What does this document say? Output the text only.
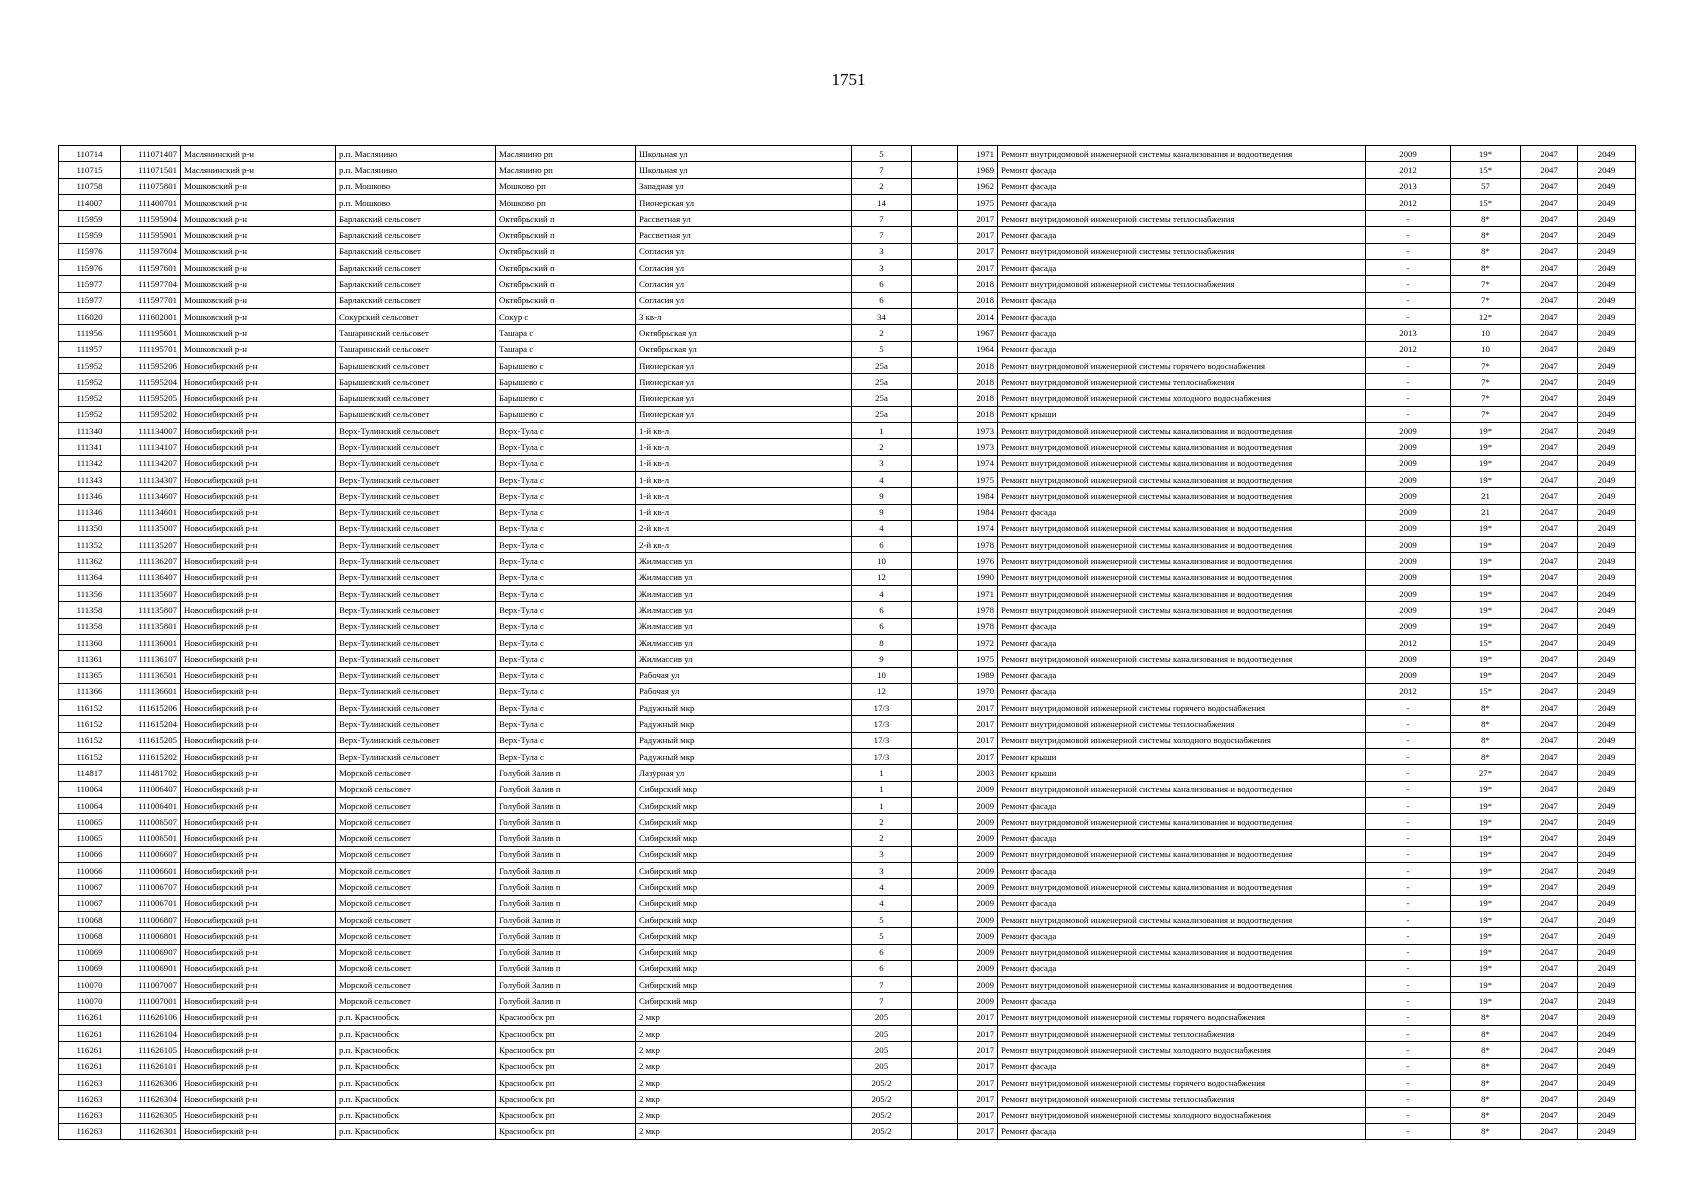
1751
110714	111071407	Маслянинский р-н	р.п. Маслянино	Маслянино рп	Школьная ул	5		1971	Ремонт внутридомовой инженерной системы канализования и водоотведения	2009	19*	2047	2049
110715	111071501	Маслянинский р-н	р.п. Маслянино	Маслянино рп	Школьная ул	7		1969	Ремонт фасада	2012	15*	2047	2049
110758	111075801	Мошковский р-н	р.п. Мошково	Мошково рп	Западная ул	2		1962	Ремонт фасада	2013	57	2047	2049
114007	111400701	Мошковский р-н	р.п. Мошково	Мошково рп	Пионерская ул	14		1975	Ремонт фасада	2012	15*	2047	2049
115959	111595904	Мошковский р-н	Барлакский сельсовет	Октябрьский п	Рассветная ул	7		2017	Ремонт внутридомовой инженерной системы теплоснабжения	-	8*	2047	2049
115959	111595901	Мошковский р-н	Барлакский сельсовет	Октябрьский п	Рассветная ул	7		2017	Ремонт фасада	-	8*	2047	2049
115976	111597604	Мошковский р-н	Барлакский сельсовет	Октябрьский п	Согласия ул	3		2017	Ремонт внутридомовой инженерной системы теплоснабжения	-	8*	2047	2049
115976	111597601	Мошковский р-н	Барлакский сельсовет	Октябрьский п	Согласия ул	3		2017	Ремонт фасада	-	8*	2047	2049
115977	111597704	Мошковский р-н	Барлакский сельсовет	Октябрьский п	Согласия ул	6		2018	Ремонт внутридомовой инженерной системы теплоснабжения	-	7*	2047	2049
115977	111597701	Мошковский р-н	Барлакский сельсовет	Октябрьский п	Согласия ул	6		2018	Ремонт фасада	-	7*	2047	2049
116020	111602001	Мошковский р-н	Сокурский сельсовет	Сокур с	3 кв-л	34		2014	Ремонт фасада	-	12*	2047	2049
111956	111195601	Мошковский р-н	Ташаринский сельсовет	Ташара с	Октябрьская ул	2		1967	Ремонт фасада	2013	10	2047	2049
111957	111195701	Мошковский р-н	Ташаринский сельсовет	Ташара с	Октябрьская ул	5		1964	Ремонт фасада	2012	10	2047	2049
115952	111595206	Новосибирский р-н	Барышевский сельсовет	Барышево с	Пионерская ул	25а		2018	Ремонт внутридомовой инженерной системы горячего водоснабжения	-	7*	2047	2049
115952	111595204	Новосибирский р-н	Барышевский сельсовет	Барышево с	Пионерская ул	25а		2018	Ремонт внутридомовой инженерной системы теплоснабжения	-	7*	2047	2049
115952	111595205	Новосибирский р-н	Барышевский сельсовет	Барышево с	Пионерская ул	25а		2018	Ремонт внутридомовой инженерной системы холодного водоснабжения	-	7*	2047	2049
115952	111595202	Новосибирский р-н	Барышевский сельсовет	Барышево с	Пионерская ул	25а		2018	Ремонт крыши	-	7*	2047	2049
111340	111134007	Новосибирский р-н	Верх-Тулинский сельсовет	Верх-Тула с	1-й кв-л	1		1973	Ремонт внутридомовой инженерной системы канализования и водоотведения	2009	19*	2047	2049
111341	111134107	Новосибирский р-н	Верх-Тулинский сельсовет	Верх-Тула с	1-й кв-л	2		1973	Ремонт внутридомовой инженерной системы канализования и водоотведения	2009	19*	2047	2049
111342	111134207	Новосибирский р-н	Верх-Тулинский сельсовет	Верх-Тула с	1-й кв-л	3		1974	Ремонт внутридомовой инженерной системы канализования и водоотведения	2009	19*	2047	2049
111343	111134307	Новосибирский р-н	Верх-Тулинский сельсовет	Верх-Тула с	1-й кв-л	4		1975	Ремонт внутридомовой инженерной системы канализования и водоотведения	2009	19*	2047	2049
111346	111134607	Новосибирский р-н	Верх-Тулинский сельсовет	Верх-Тула с	1-й кв-л	9		1984	Ремонт внутридомовой инженерной системы канализования и водоотведения	2009	21	2047	2049
111346	111134601	Новосибирский р-н	Верх-Тулинский сельсовет	Верх-Тула с	1-й кв-л	9		1984	Ремонт фасада	2009	21	2047	2049
111350	111135007	Новосибирский р-н	Верх-Тулинский сельсовет	Верх-Тула с	2-й кв-л	4		1974	Ремонт внутридомовой инженерной системы канализования и водоотведения	2009	19*	2047	2049
111352	111135207	Новосибирский р-н	Верх-Тулинский сельсовет	Верх-Тула с	2-й кв-л	6		1978	Ремонт внутридомовой инженерной системы канализования и водоотведения	2009	19*	2047	2049
111362	111136207	Новосибирский р-н	Верх-Тулинский сельсовет	Верх-Тула с	Жилмассив ул	10		1976	Ремонт внутридомовой инженерной системы канализования и водоотведения	2009	19*	2047	2049
111364	111136407	Новосибирский р-н	Верх-Тулинский сельсовет	Верх-Тула с	Жилмассив ул	12		1990	Ремонт внутридомовой инженерной системы канализования и водоотведения	2009	19*	2047	2049
111356	111135607	Новосибирский р-н	Верх-Тулинский сельсовет	Верх-Тула с	Жилмассив ул	4		1971	Ремонт внутридомовой инженерной системы канализования и водоотведения	2009	19*	2047	2049
111358	111135807	Новосибирский р-н	Верх-Тулинский сельсовет	Верх-Тула с	Жилмассив ул	6		1978	Ремонт внутридомовой инженерной системы канализования и водоотведения	2009	19*	2047	2049
111358	111135801	Новосибирский р-н	Верх-Тулинский сельсовет	Верх-Тула с	Жилмассив ул	6		1978	Ремонт фасада	2009	19*	2047	2049
111360	111136001	Новосибирский р-н	Верх-Тулинский сельсовет	Верх-Тула с	Жилмассив ул	8		1972	Ремонт фасада	2012	15*	2047	2049
111361	111136107	Новосибирский р-н	Верх-Тулинский сельсовет	Верх-Тула с	Жилмассив ул	9		1975	Ремонт внутридомовой инженерной системы канализования и водоотведения	2009	19*	2047	2049
111365	111136501	Новосибирский р-н	Верх-Тулинский сельсовет	Верх-Тула с	Рабочая ул	10		1989	Ремонт фасада	2009	19*	2047	2049
111366	111136601	Новосибирский р-н	Верх-Тулинский сельсовет	Верх-Тула с	Рабочая ул	12		1970	Ремонт фасада	2012	15*	2047	2049
116152	111615206	Новосибирский р-н	Верх-Тулинский сельсовет	Верх-Тула с	Радужный мкр	17/3		2017	Ремонт внутридомовой инженерной системы горячего водоснабжения	-	8*	2047	2049
116152	111615204	Новосибирский р-н	Верх-Тулинский сельсовет	Верх-Тула с	Радужный мкр	17/3		2017	Ремонт внутридомовой инженерной системы теплоснабжения	-	8*	2047	2049
116152	111615205	Новосибирский р-н	Верх-Тулинский сельсовет	Верх-Тула с	Радужный мкр	17/3		2017	Ремонт внутридомовой инженерной системы холодного водоснабжения	-	8*	2047	2049
116152	111615202	Новосибирский р-н	Верх-Тулинский сельсовет	Верх-Тула с	Радужный мкр	17/3		2017	Ремонт крыши	-	8*	2047	2049
114817	111481702	Новосибирский р-н	Морской сельсовет	Голубой Залив п	Лазурная ул	1		2003	Ремонт крыши	-	27*	2047	2049
110064	111006407	Новосибирский р-н	Морской сельсовет	Голубой Залив п	Сибирский мкр	1		2009	Ремонт внутридомовой инженерной системы канализования и водоотведения	-	19*	2047	2049
110064	111006401	Новосибирский р-н	Морской сельсовет	Голубой Залив п	Сибирский мкр	1		2009	Ремонт фасада	-	19*	2047	2049
110065	111006507	Новосибирский р-н	Морской сельсовет	Голубой Залив п	Сибирский мкр	2		2009	Ремонт внутридомовой инженерной системы канализования и водоотведения	-	19*	2047	2049
110065	111006501	Новосибирский р-н	Морской сельсовет	Голубой Залив п	Сибирский мкр	2		2009	Ремонт фасада	-	19*	2047	2049
110066	111006607	Новосибирский р-н	Морской сельсовет	Голубой Залив п	Сибирский мкр	3		2009	Ремонт внутридомовой инженерной системы канализования и водоотведения	-	19*	2047	2049
110066	111006601	Новосибирский р-н	Морской сельсовет	Голубой Залив п	Сибирский мкр	3		2009	Ремонт фасада	-	19*	2047	2049
110067	111006707	Новосибирский р-н	Морской сельсовет	Голубой Залив п	Сибирский мкр	4		2009	Ремонт внутридомовой инженерной системы канализования и водоотведения	-	19*	2047	2049
110067	111006701	Новосибирский р-н	Морской сельсовет	Голубой Залив п	Сибирский мкр	4		2009	Ремонт фасада	-	19*	2047	2049
110068	111006807	Новосибирский р-н	Морской сельсовет	Голубой Залив п	Сибирский мкр	5		2009	Ремонт внутридомовой инженерной системы канализования и водоотведения	-	19*	2047	2049
110068	111006801	Новосибирский р-н	Морской сельсовет	Голубой Залив п	Сибирский мкр	5		2009	Ремонт фасада	-	19*	2047	2049
110069	111006907	Новосибирский р-н	Морской сельсовет	Голубой Залив п	Сибирский мкр	6		2009	Ремонт внутридомовой инженерной системы канализования и водоотведения	-	19*	2047	2049
110069	111006901	Новосибирский р-н	Морской сельсовет	Голубой Залив п	Сибирский мкр	6		2009	Ремонт фасада	-	19*	2047	2049
110070	111007007	Новосибирский р-н	Морской сельсовет	Голубой Залив п	Сибирский мкр	7		2009	Ремонт внутридомовой инженерной системы канализования и водоотведения	-	19*	2047	2049
110070	111007001	Новосибирский р-н	Морской сельсовет	Голубой Залив п	Сибирский мкр	7		2009	Ремонт фасада	-	19*	2047	2049
116261	111626106	Новосибирский р-н	р.п. Краснообск	Краснообск рп	2 мкр	205		2017	Ремонт внутридомовой инженерной системы горячего водоснабжения	-	8*	2047	2049
116261	111626104	Новосибирский р-н	р.п. Краснообск	Краснообск рп	2 мкр	205		2017	Ремонт внутридомовой инженерной системы теплоснабжения	-	8*	2047	2049
116261	111626105	Новосибирский р-н	р.п. Краснообск	Краснообск рп	2 мкр	205		2017	Ремонт внутридомовой инженерной системы холодного водоснабжения	-	8*	2047	2049
116261	111626101	Новосибирский р-н	р.п. Краснообск	Краснообск рп	2 мкр	205		2017	Ремонт фасада	-	8*	2047	2049
116263	111626306	Новосибирский р-н	р.п. Краснообск	Краснообск рп	2 мкр	205/2		2017	Ремонт внутридомовой инженерной системы горячего водоснабжения	-	8*	2047	2049
116263	111626304	Новосибирский р-н	р.п. Краснообск	Краснообск рп	2 мкр	205/2		2017	Ремонт внутридомовой инженерной системы теплоснабжения	-	8*	2047	2049
116263	111626305	Новосибирский р-н	р.п. Краснообск	Краснообск рп	2 мкр	205/2		2017	Ремонт внутридомовой инженерной системы холодного водоснабжения	-	8*	2047	2049
116263	111626301	Новосибирский р-н	р.п. Краснообск	Краснообск рп	2 мкр	205/2		2017	Ремонт фасада	-	8*	2047	2049
